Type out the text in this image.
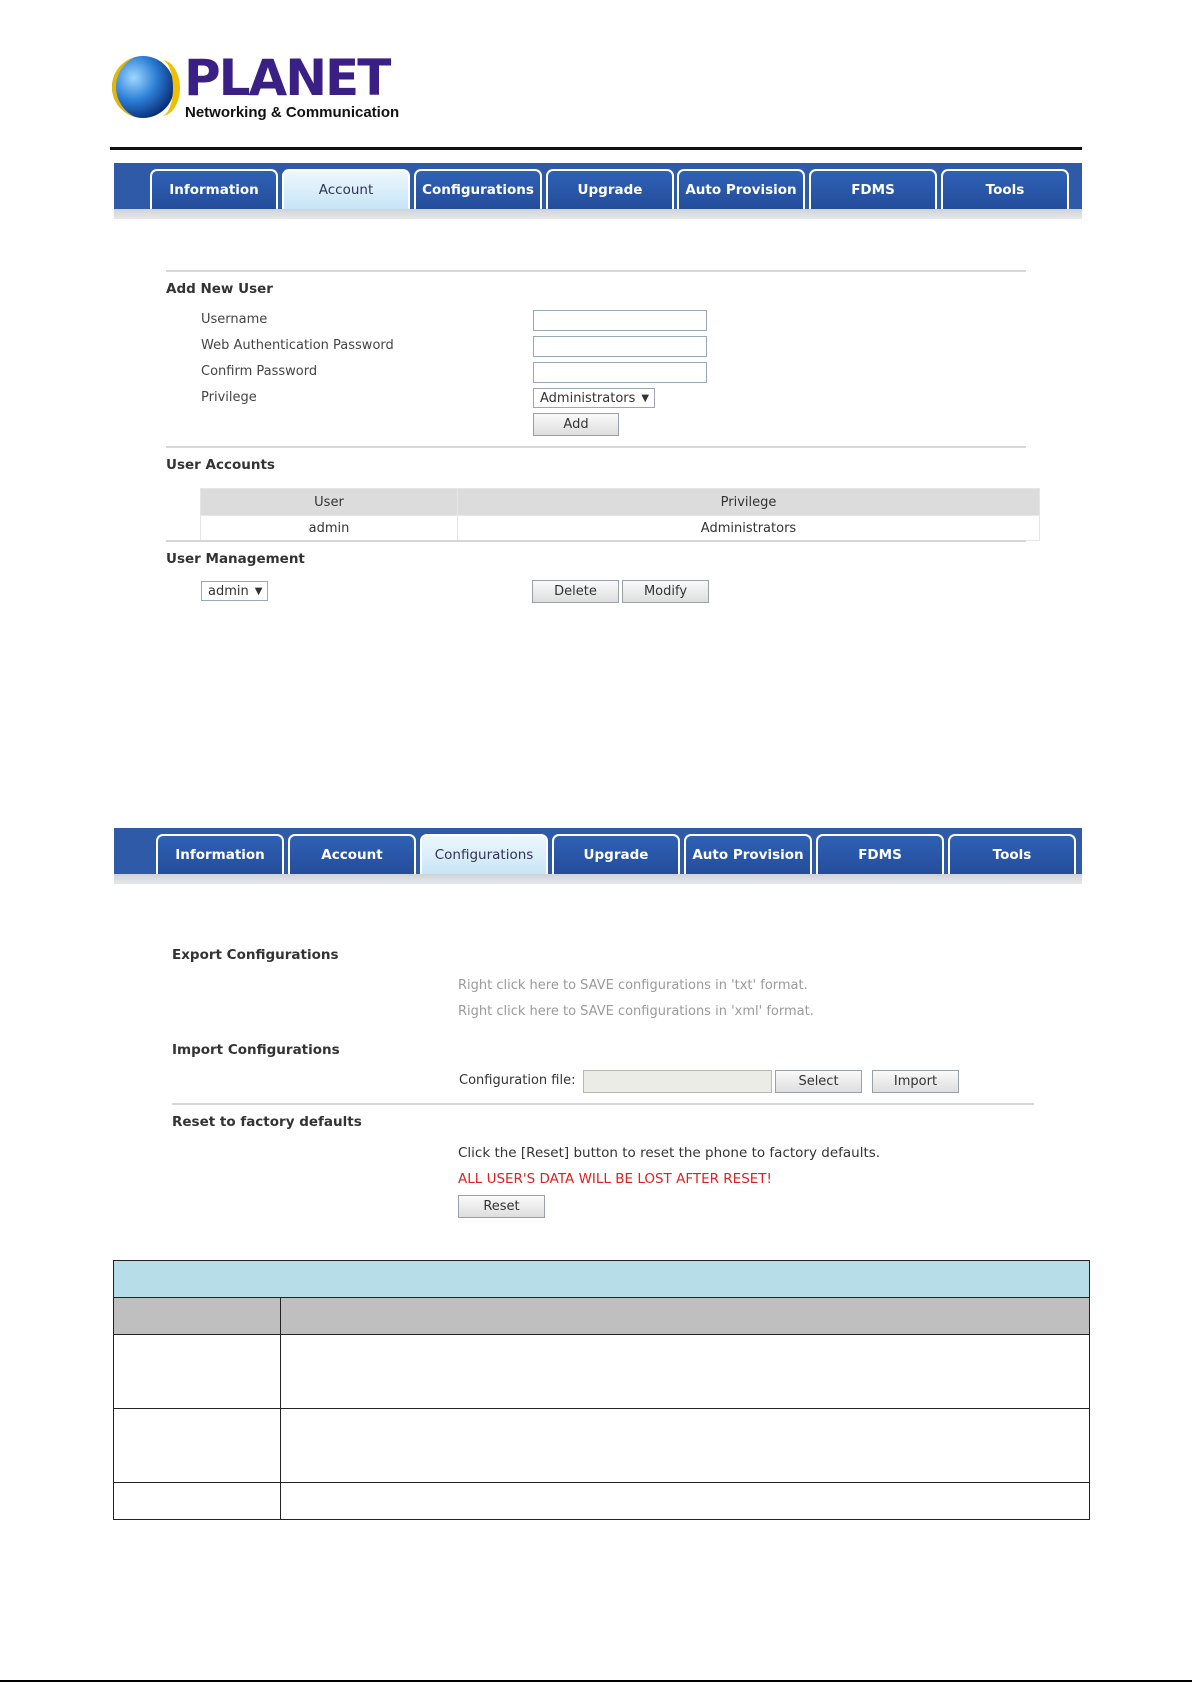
PLANET
Networking & Communication
Information	Account	Configurations	Upgrade	Auto Provision	FDMS	Tools
Add New User
Username
Web Authentication Password
Confirm Password
Privilege	Administrators ▼
Add
User Accounts
User	Privilege
admin	Administrators
User Management
admin ▼	Delete	Modify
Information	Account	Configurations	Upgrade	Auto Provision	FDMS	Tools
Export Configurations
Right click here to SAVE configurations in 'txt' format.
Right click here to SAVE configurations in 'xml' format.
Import Configurations
Configuration file:	Select	Import
Reset to factory defaults
Click the [Reset] button to reset the phone to factory defaults.
ALL USER'S DATA WILL BE LOST AFTER RESET!
Reset
